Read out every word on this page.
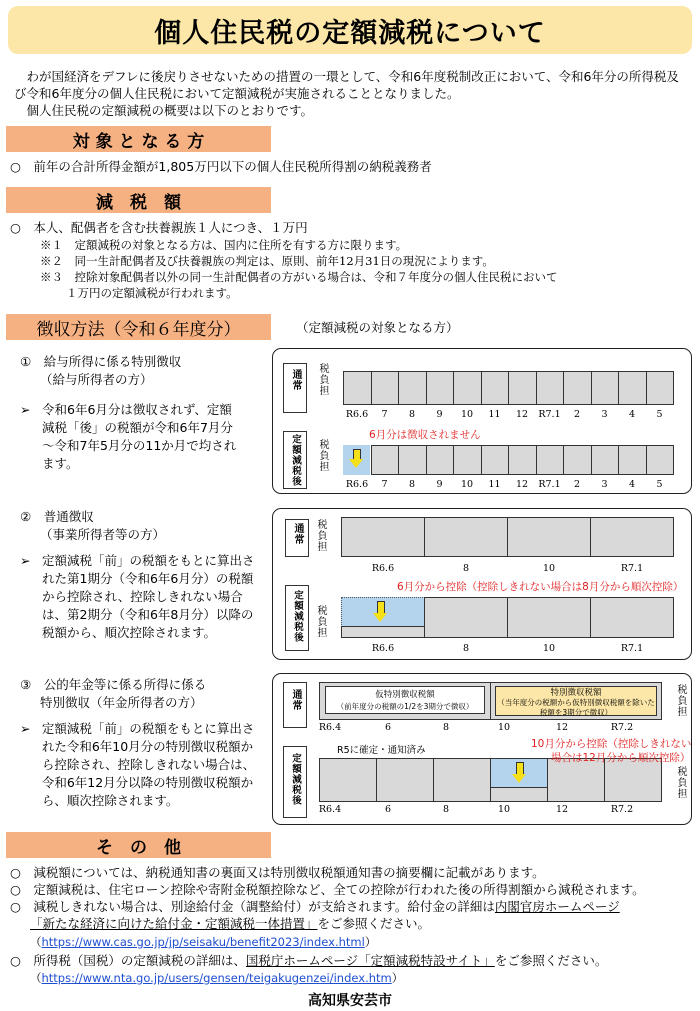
個人住民税の定額減税について

わが国経済をデフレに後戻りさせないための措置の一環として、令和6年度税制改正において、令和6年分の所得税及び令和6年度分の個人住民税において定額減税が実施されることとなりました。

個人住民税の定額減税の概要は以下のとおりです。

対 象 と な る 方
○　前年の合計所得金額が1,805万円以下の個人住民税所得割の納税義務者
減　税　額
○　本人、配偶者を含む扶養親族１人につき、１万円
※１　定額減税の対象となる方は、国内に住所を有する方に限ります。
※２　同一生計配偶者及び扶養親族の判定は、原則、前年12月31日の現況によります。
※３　控除対象配偶者以外の同一生計配偶者の方がいる場合は、令和７年度分の個人住民税において
１万円の定額減税が行われます。
徴収方法（令和６年度分）	（定額減税の対象となる方）
①　給与所得に係る特別徴収
（給与所得者の方）
➢ 令和6年6月分は徴収されず、定額減税「後」の税額が令和6年7月分～令和7年5月分の11か月で均されます。
通常 税負担
定額減税後 税負担
6月分は徴収されません
R6.6
R6.6
7
7
8
8
9
9
10
10
11
11
12
12
R7.1
R7.1
2
2
3
3
4
4
5
5
②　普通徴収
（事業所得者等の方）
➢ 定額減税「前」の税額をもとに算出された第1期分（令和6年6月分）の税額から控除され、控除しきれない場合は、第2期分（令和6年8月分）以降の税額から、順次控除されます。
通常 税負担
定額減税後 税負担
R6.6	8	10	R7.1
R6.6	8	10	R7.1
6月分から控除（控除しきれない場合は8月分から順次控除）
③　公的年金等に係る所得に係る
特別徴収（年金所得者の方）
➢ 定額減税「前」の税額をもとに算出された令和6年10月分の特別徴収税額から控除され、控除しきれない場合は、令和6年12月分以降の特別徴収税額から、順次控除されます。
通常	税負担
定額減税後	税負担
仮特別徴収税額
（前年度分の税額の1/2を3期分で徴収）
特別徴収税額
（当年度分の税額から仮特別徴収税額を除いた税額を3期分で徴収）
R6.4	6	8	10	12	R7.2
R5に確定・通知済み
R6.4	6	8	10	12	R7.2
10月分から控除（控除しきれない
場合は12月分から順次控除）
そ　の　他
○　減税額については、納税通知書の裏面又は特別徴収税額通知書の摘要欄に記載があります。
○　定額減税は、住宅ローン控除や寄附金税額控除など、全ての控除が行われた後の所得割額から減税されます。
○　減税しきれない場合は、別途給付金（調整給付）が支給されます。給付金の詳細は内閣官房ホームページ
「新たな経済に向けた給付金・定額減税一体措置」をご参照ください。
（https://www.cas.go.jp/jp/seisaku/benefit2023/index.html）
○　所得税（国税）の定額減税の詳細は、国税庁ホームページ「定額減税特設サイト」をご参照ください。
（https://www.nta.go.jp/users/gensen/teigakugenzei/index.htm）
高知県安芸市
